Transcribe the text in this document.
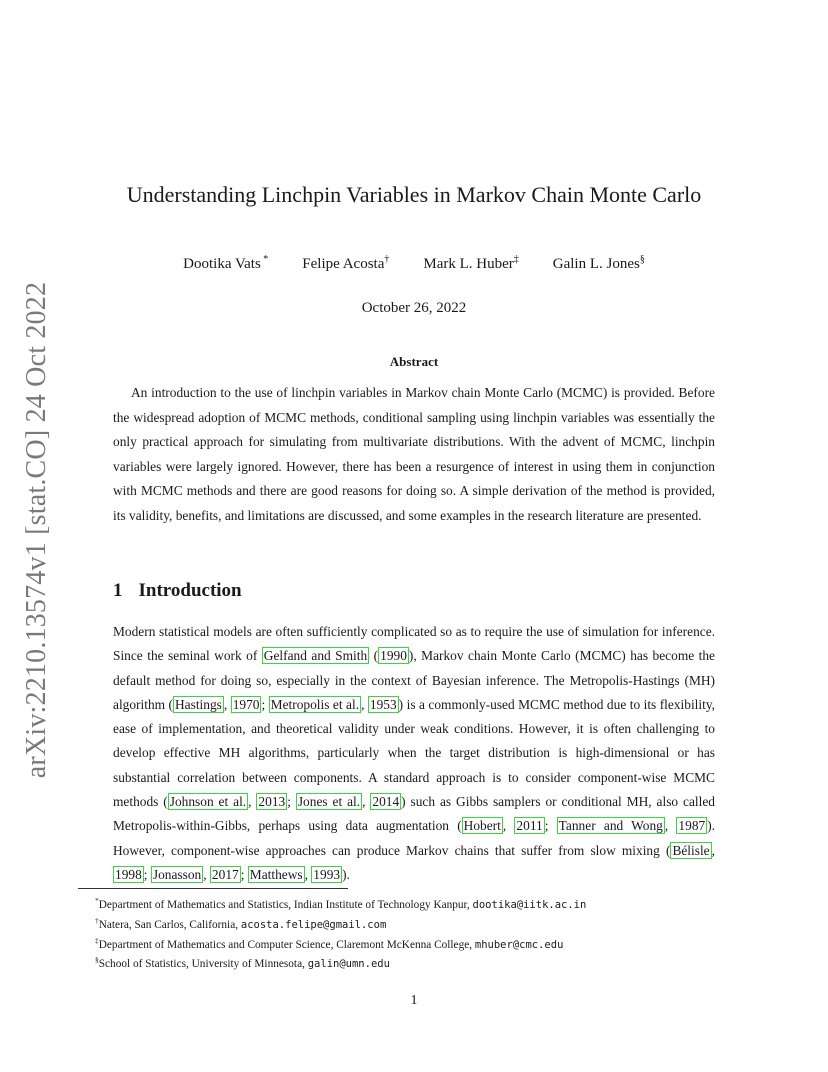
arXiv:2210.13574v1 [stat.CO] 24 Oct 2022
Understanding Linchpin Variables in Markov Chain Monte Carlo
Dootika Vats * Felipe Acosta† Mark L. Huber‡ Galin L. Jones§
October 26, 2022
Abstract
An introduction to the use of linchpin variables in Markov chain Monte Carlo (MCMC) is provided. Before the widespread adoption of MCMC methods, conditional sampling using linchpin variables was essentially the only practical approach for simulating from multivariate distributions. With the advent of MCMC, linchpin variables were largely ignored. However, there has been a resurgence of interest in using them in conjunction with MCMC methods and there are good reasons for doing so. A simple derivation of the method is provided, its validity, benefits, and limitations are discussed, and some examples in the research literature are presented.
1 Introduction
Modern statistical models are often sufficiently complicated so as to require the use of simulation for inference. Since the seminal work of Gelfand and Smith ( 1990 ), Markov chain Monte Carlo (MCMC) has become the default method for doing so, especially in the context of Bayesian inference. The Metropolis-Hastings (MH) algorithm ( Hastings , 1970 ; Metropolis et al. , 1953 ) is a commonly-used MCMC method due to its flexibility, ease of implementation, and theoretical validity under weak conditions. However, it is often challenging to develop effective MH algorithms, particularly when the target distribution is high-dimensional or has substantial correlation between components. A standard approach is to consider component-wise MCMC methods ( Johnson et al. , 2013 ; Jones et al. , 2014 ) such as Gibbs samplers or conditional MH, also called Metropolis-within-Gibbs, perhaps using data augmentation ( Hobert , 2011 ; Tanner and Wong , 1987 ). However, component-wise approaches can produce Markov chains that suffer from slow mixing ( Bélisle , 1998 ; Jonasson , 2017 ; Matthews , 1993 ).
*Department of Mathematics and Statistics, Indian Institute of Technology Kanpur, dootika@iitk.ac.in
†Natera, San Carlos, California, acosta.felipe@gmail.com
‡Department of Mathematics and Computer Science, Claremont McKenna College, mhuber@cmc.edu
§School of Statistics, University of Minnesota, galin@umn.edu
1
